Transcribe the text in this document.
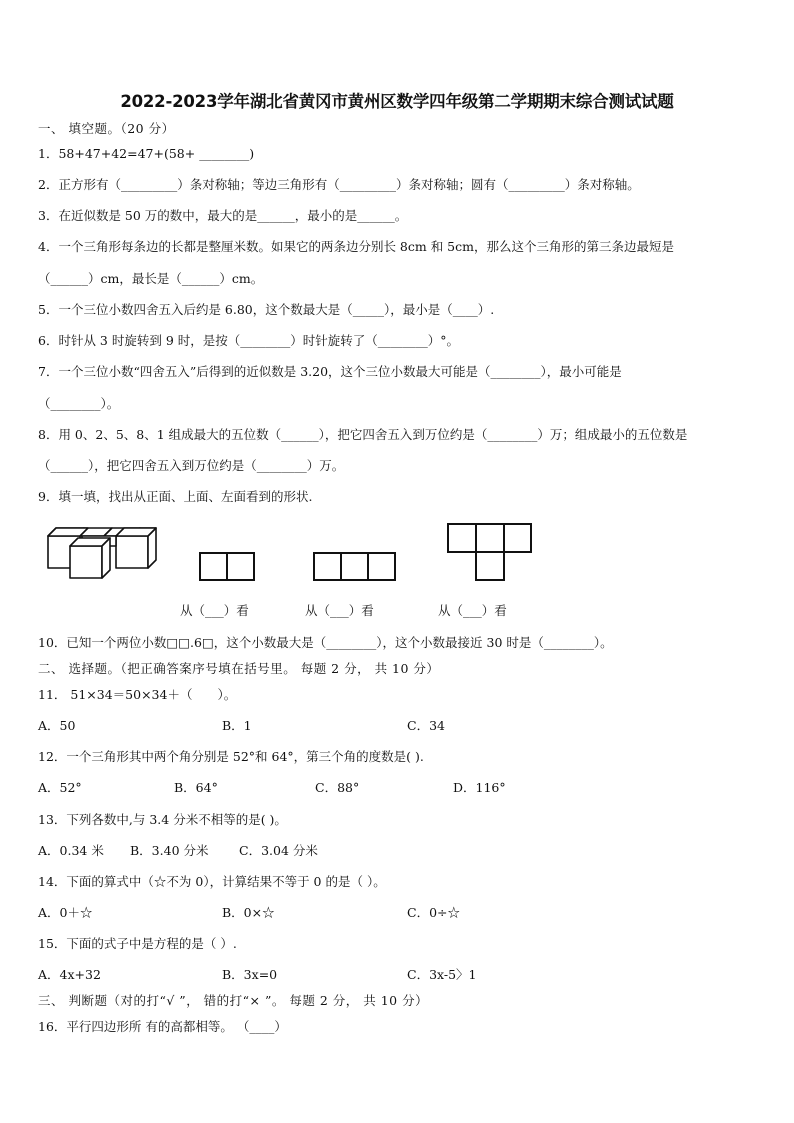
2022-2023学年湖北省黄冈市黄州区数学四年级第二学期期末综合测试试题
一、 填空题。（20 分）
1．58+47+42=47+(58+ ________)
2．正方形有（_________）条对称轴；等边三角形有（_________）条对称轴；圆有（_________）条对称轴。
3．在近似数是 50 万的数中，最大的是______，最小的是______。
4．一个三角形每条边的长都是整厘米数。如果它的两条边分别长 8cm 和 5cm，那么这个三角形的第三条边最短是
（______）cm，最长是（______）cm。
5．一个三位小数四舍五入后约是 6.80，这个数最大是（_____），最小是（____）.
6．时针从 3 时旋转到 9 时，是按（________）时针旋转了（________）°。
7．一个三位小数“四舍五入”后得到的近似数是 3.20，这个三位小数最大可能是（________），最小可能是
（________）。
8．用 0、2、5、8、1 组成最大的五位数（______），把它四舍五入到万位约是（________）万；组成最小的五位数是
（______），把它四舍五入到万位约是（________）万。
9．填一填，找出从正面、上面、左面看到的形状.
从（___）看	从（___）看	从（___）看
10．已知一个两位小数□□.6□，这个小数最大是（________），这个小数最接近 30 时是（________）。
二、 选择题。（把正确答案序号填在括号里。 每题 2 分， 共 10 分）
11． 51×34＝50×34＋（　　）。
A．50	B．1	C．34
12．一个三角形其中两个角分别是 52°和 64°，第三个角的度数是( ).
A．52°	B．64°	C．88°	D．116°
13．下列各数中,与 3.4 分米不相等的是( )。
A．0.34 米 B．3.40 分米 C．3.04 分米
14．下面的算式中（☆不为 0），计算结果不等于 0 的是（ ）。
A．0＋☆	B．0×☆	C．0÷☆
15．下面的式子中是方程的是（ ）.
A．4x+32	B．3x=0	C．3x-5〉1
三、 判断题（对的打“√ ”， 错的打“× ”。 每题 2 分， 共 10 分）
16．平行四边形所 有的高都相等。 （____）
